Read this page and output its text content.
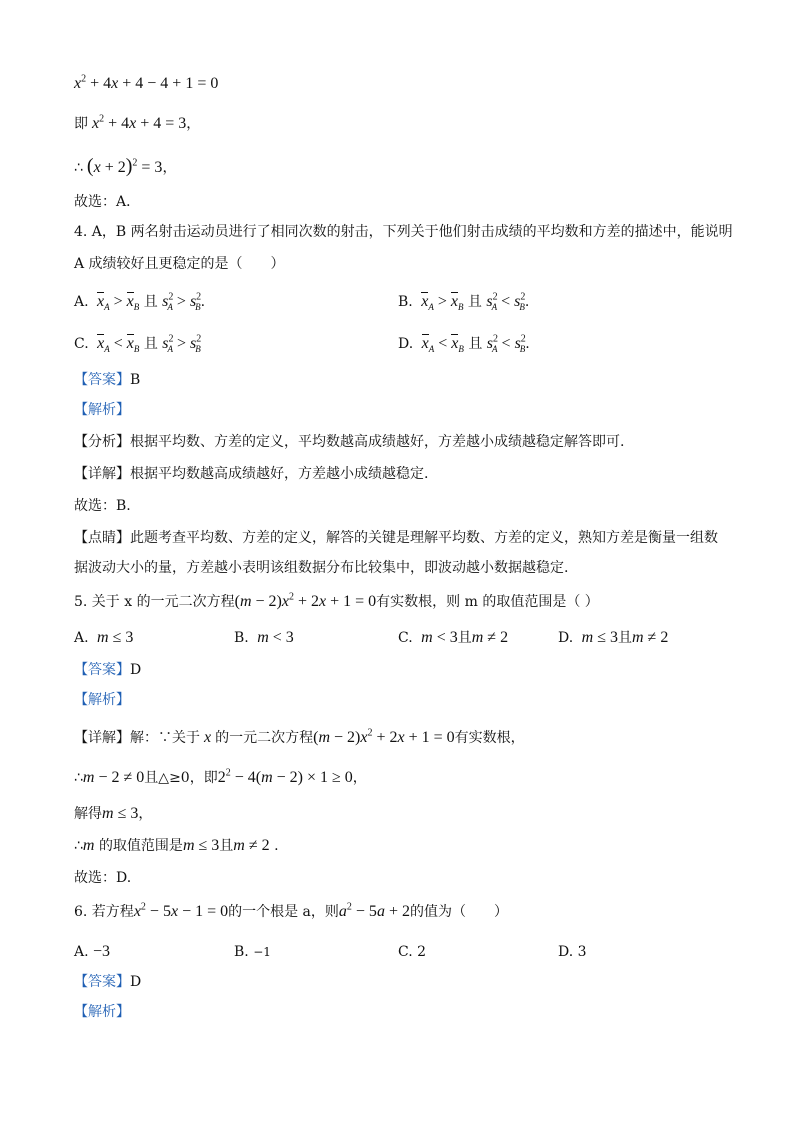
$x^2 + 4x + 4 - 4 + 1 = 0$
即 $x^2 + 4x + 4 = 3$，
∴ $(x + 2)^2 = 3$，
故选：A．
4. A，B 两名射击运动员进行了相同次数的射击，下列关于他们射击成绩的平均数和方差的描述中，能说明
A 成绩较好且更稳定的是（　　）
A. $x_A > x_B$ 且 $s^2_A > s^2_B$.	B. $x_A > x_B$ 且 $s^2_A < s^2_B$.
C. $x_A < x_B$ 且 $s^2_A > s^2_B$	D. $x_A < x_B$ 且 $s^2_A < s^2_B$.
【答案】B
【解析】
【分析】根据平均数、方差的定义，平均数越高成绩越好，方差越小成绩越稳定解答即可.
【详解】根据平均数越高成绩越好，方差越小成绩越稳定.
故选：B.
【点睛】此题考查平均数、方差的定义，解答的关键是理解平均数、方差的定义，熟知方差是衡量一组数
据波动大小的量，方差越小表明该组数据分布比较集中，即波动越小数据越稳定.
5. 关于 x 的一元二次方程$(m - 2)x^2 + 2x + 1 = 0$有实数根，则 m 的取值范围是（ ）
A. m ≤ 3	B. m < 3	C. m < 3且m ≠ 2	D. m ≤ 3且m ≠ 2
【答案】D
【解析】
【详解】解：∵关于 x 的一元二次方程$(m - 2)x^2 + 2x + 1 = 0$有实数根，
∴m − 2 ≠ 0且△≥0，即$2^2 - 4(m - 2) \times 1 \ge 0$，
解得m ≤ 3，
∴m 的取值范围是m ≤ 3且m ≠ 2 .
故选：D.
6. 若方程$x^2 - 5x - 1 = 0$的一个根是 a，则$a^2 - 5a + 2$的值为（　　）
A. −3	B. −1	C. 2	D. 3
【答案】D
【解析】
